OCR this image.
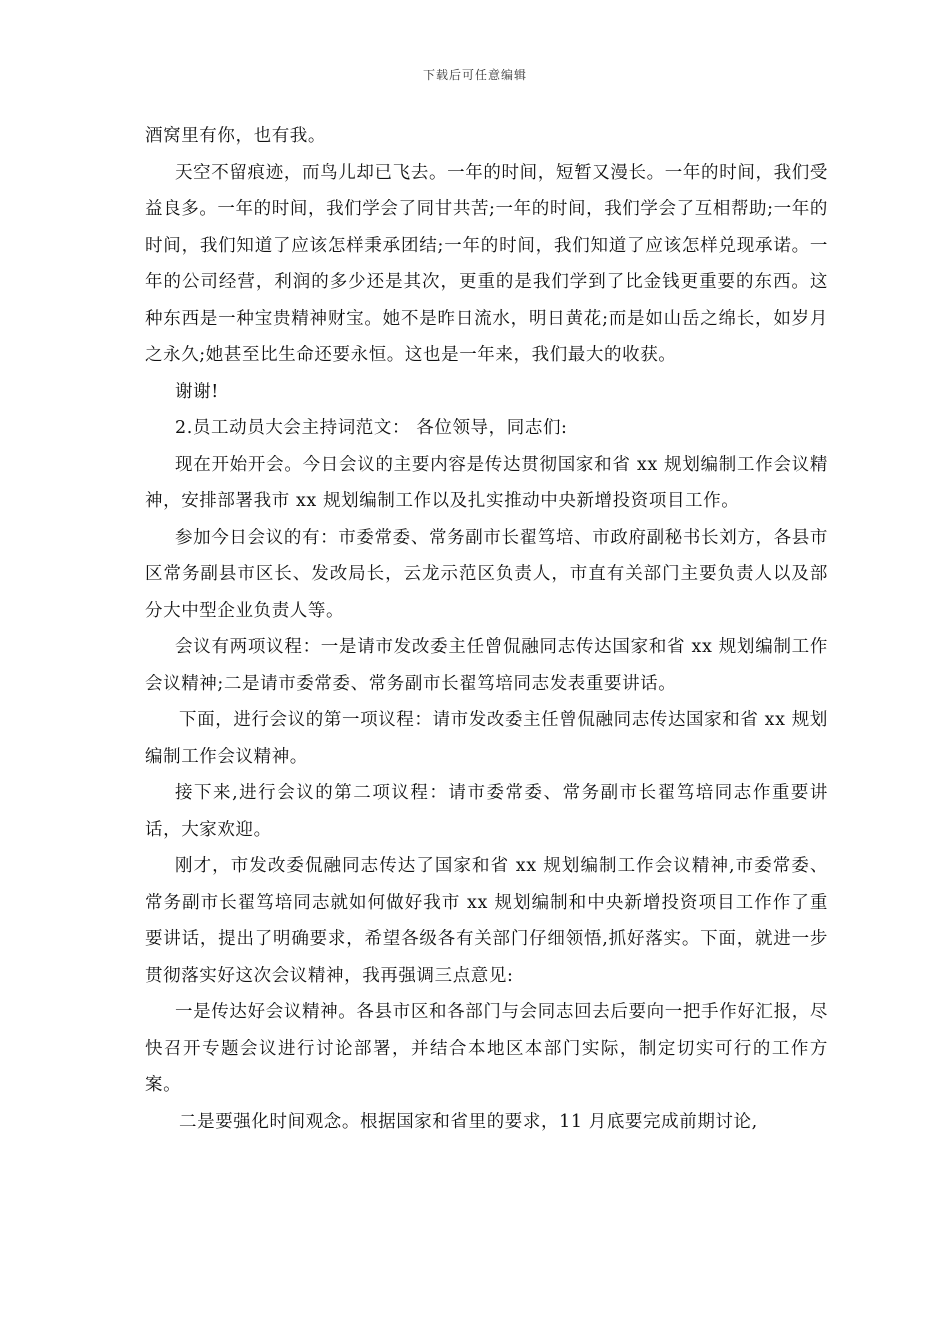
下载后可任意编辑

酒窝里有你，也有我。

天空不留痕迹，而鸟儿却已飞去。一年的时间，短暂又漫长。一年的时间，我们受益良多。一年的时间，我们学会了同甘共苦;一年的时间，我们学会了互相帮助;一年的时间，我们知道了应该怎样秉承团结;一年的时间，我们知道了应该怎样兑现承诺。一年的公司经营，利润的多少还是其次，更重的是我们学到了比金钱更重要的东西。这种东西是一种宝贵精神财宝。她不是昨日流水，明日黄花;而是如山岳之绵长，如岁月之永久;她甚至比生命还要永恒。这也是一年来，我们最大的收获。

谢谢!

2.员工动员大会主持词范文： 各位领导，同志们:

现在开始开会。今日会议的主要内容是传达贯彻国家和省 xx 规划编制工作会议精神，安排部署我市 xx 规划编制工作以及扎实推动中央新增投资项目工作。

参加今日会议的有：市委常委、常务副市长翟笃培、市政府副秘书长刘方，各县市区常务副县市区长、发改局长，云龙示范区负责人，市直有关部门主要负责人以及部分大中型企业负责人等。

会议有两项议程：一是请市发改委主任曾侃融同志传达国家和省 xx 规划编制工作会议精神;二是请市委常委、常务副市长翟笃培同志发表重要讲话。

下面，进行会议的第一项议程：请市发改委主任曾侃融同志传达国家和省 xx 规划编制工作会议精神。

接下来,进行会议的第二项议程：请市委常委、常务副市长翟笃培同志作重要讲话，大家欢迎。

刚才，市发改委侃融同志传达了国家和省 xx 规划编制工作会议精神,市委常委、常务副市长翟笃培同志就如何做好我市 xx 规划编制和中央新增投资项目工作作了重要讲话，提出了明确要求，希望各级各有关部门仔细领悟,抓好落实。下面，就进一步贯彻落实好这次会议精神，我再强调三点意见:

一是传达好会议精神。各县市区和各部门与会同志回去后要向一把手作好汇报，尽快召开专题会议进行讨论部署，并结合本地区本部门实际，制定切实可行的工作方案。

二是要强化时间观念。根据国家和省里的要求，11 月底要完成前期讨论,
